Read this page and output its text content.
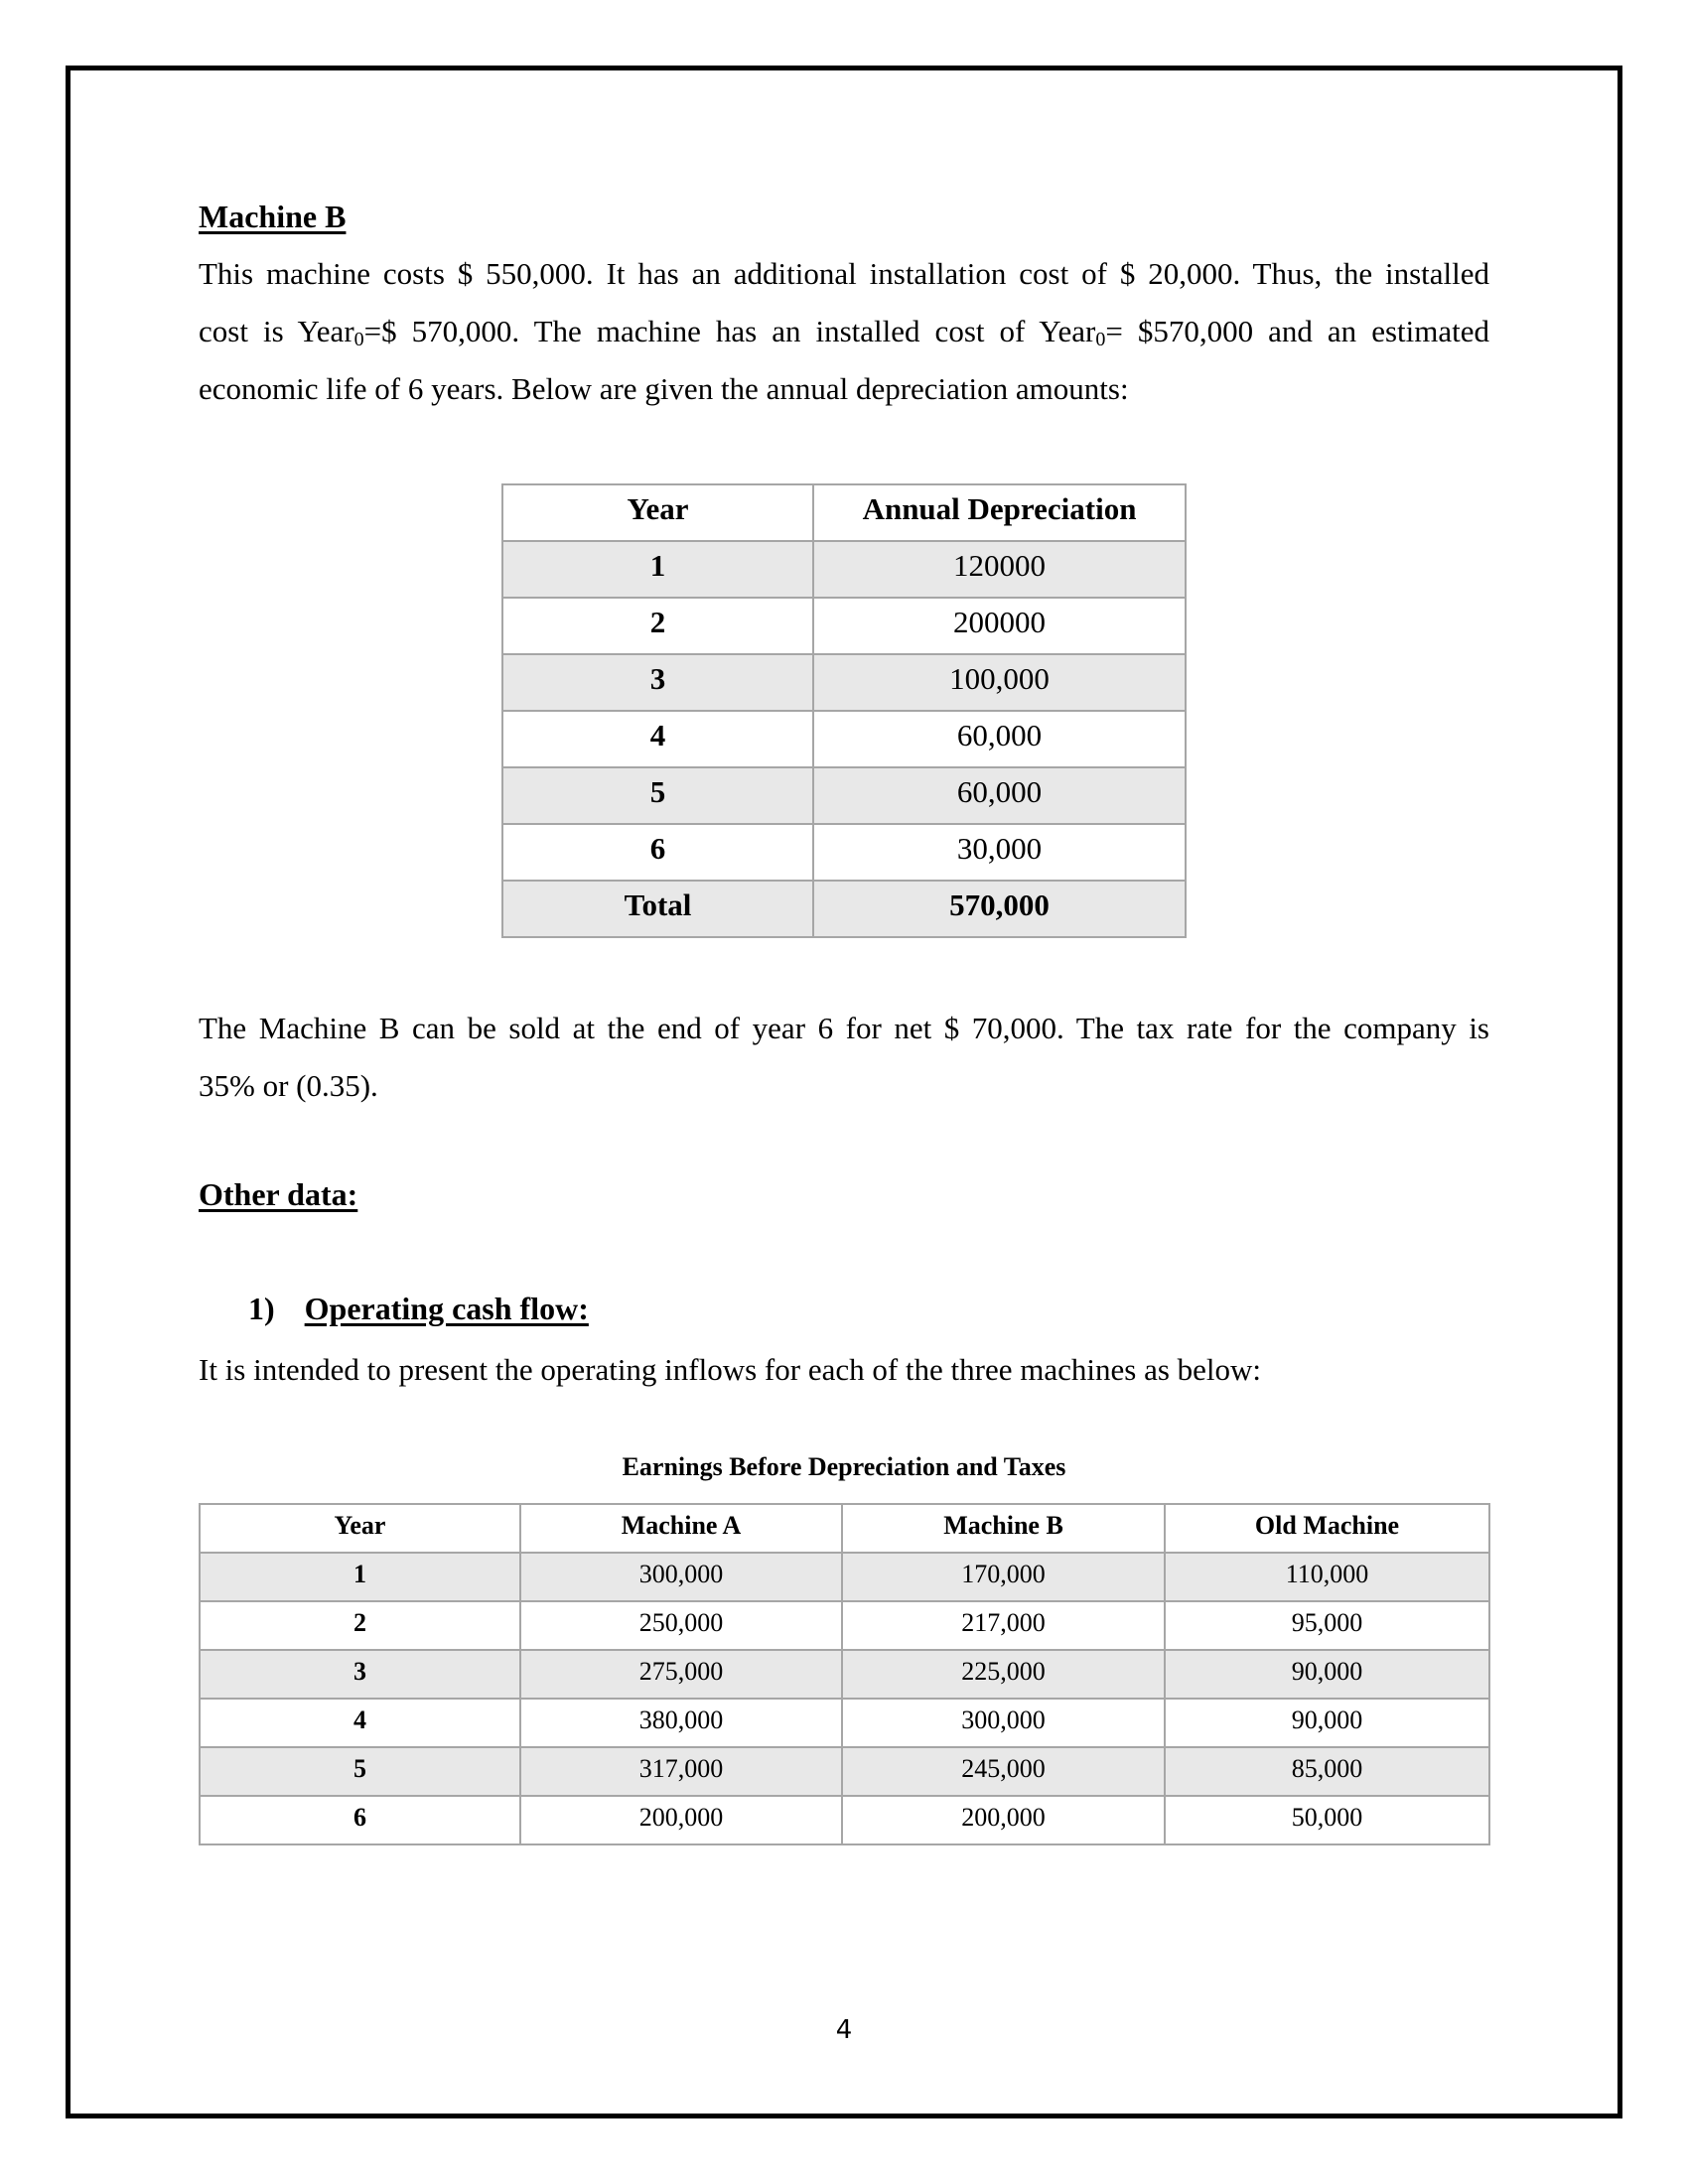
Machine B
This machine costs $ 550,000. It has an additional installation cost of $ 20,000. Thus, the installed
cost is Year$_0$=$ 570,000. The machine has an installed cost of Year$_0$= $570,000 and an estimated
economic life of 6 years. Below are given the annual depreciation amounts:
Year	Annual Depreciation
1	120000
2	200000
3	100,000
4	60,000
5	60,000
6	30,000
Total	570,000
The Machine B can be sold at the end of year 6 for net $ 70,000. The tax rate for the company is
35% or (0.35).
Other data:
1) Operating cash flow:
It is intended to present the operating inflows for each of the three machines as below:
Earnings Before Depreciation and Taxes
Year	Machine A	Machine B	Old Machine
1	300,000	170,000	110,000
2	250,000	217,000	95,000
3	275,000	225,000	90,000
4	380,000	300,000	90,000
5	317,000	245,000	85,000
6	200,000	200,000	50,000
4
